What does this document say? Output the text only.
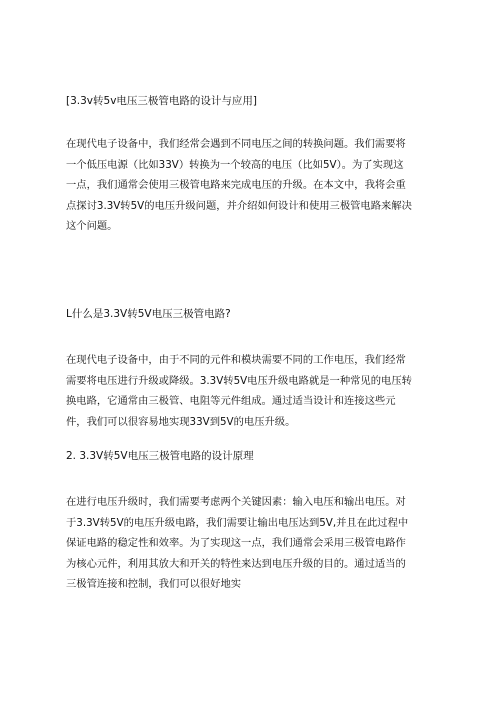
[3.3v转5v电压三极管电路的设计与应用]
在现代电子设备中，我们经常会遇到不同电压之间的转换问题。我们需要将
一个低压电源（比如33V）转换为一个较高的电压（比如5V）。为了实现这
一点，我们通常会使用三极管电路来完成电压的升级。在本文中，我将会重
点探讨3.3V转5V的电压升级问题，并介绍如何设计和使用三极管电路来解决
这个问题。
L什么是3.3V转5V电压三极管电路?
在现代电子设备中，由于不同的元件和模块需要不同的工作电压，我们经常
需要将电压进行升级或降级。3.3V转5V电压升级电路就是一种常见的电压转
换电路，它通常由三极管、电阻等元件组成。通过适当设计和连接这些元
件，我们可以很容易地实现33V到5V的电压升级。
2. 3.3V转5V电压三极管电路的设计原理
在进行电压升级时，我们需要考虑两个关键因素：输入电压和输出电压。对
于3.3V转5V的电压升级电路，我们需要让输出电压达到5V,并且在此过程中
保证电路的稳定性和效率。为了实现这一点，我们通常会采用三极管电路作
为核心元件，利用其放大和开关的特性来达到电压升级的目的。通过适当的
三极管连接和控制，我们可以很好地实
